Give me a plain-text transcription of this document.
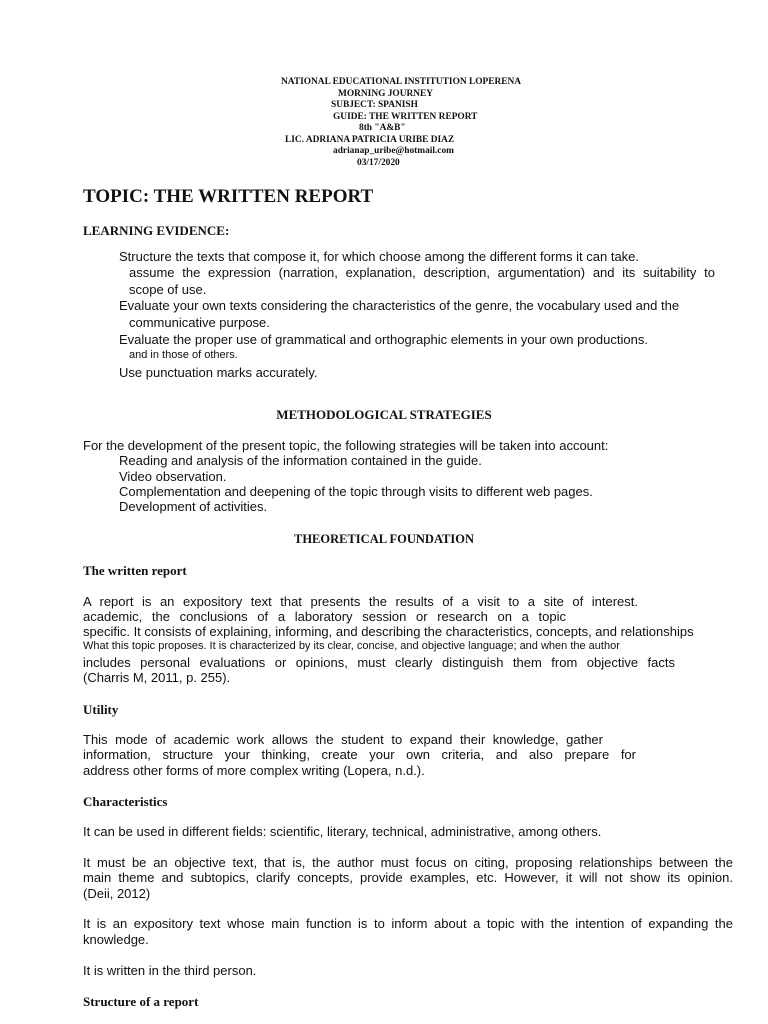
NATIONAL EDUCATIONAL INSTITUTION LOPERENA
MORNING JOURNEY
SUBJECT: SPANISH
GUIDE: THE WRITTEN REPORT
8th "A&B"
LIC. ADRIANA PATRICIA URIBE DIAZ
adrianap_uribe@hotmail.com
03/17/2020
TOPIC: THE WRITTEN REPORT
LEARNING EVIDENCE:

Structure the texts that compose it, for which choose among the different forms it can take.

assume the expression (narration, explanation, description, argumentation) and its suitability to

scope of use.

Evaluate your own texts considering the characteristics of the genre, the vocabulary used and the

communicative purpose.

Evaluate the proper use of grammatical and orthographic elements in your own productions.

and in those of others.

Use punctuation marks accurately.

METHODOLOGICAL STRATEGIES

For the development of the present topic, the following strategies will be taken into account:

Reading and analysis of the information contained in the guide.

Video observation.

Complementation and deepening of the topic through visits to different web pages.

Development of activities.

THEORETICAL FOUNDATION
The written report

A report is an expository text that presents the results of a visit to a site of interest.

academic, the conclusions of a laboratory session or research on a topic

specific. It consists of explaining, informing, and describing the characteristics, concepts, and relationships

What this topic proposes. It is characterized by its clear, concise, and objective language; and when the author

includes personal evaluations or opinions, must clearly distinguish them from objective facts

(Charris M, 2011, p. 255).

Utility

This mode of academic work allows the student to expand their knowledge, gather

information, structure your thinking, create your own criteria, and also prepare for

address other forms of more complex writing (Lopera, n.d.).

Characteristics

It can be used in different fields: scientific, literary, technical, administrative, among others.

It must be an objective text, that is, the author must focus on citing, proposing relationships between the

main theme and subtopics, clarify concepts, provide examples, etc. However, it will not show its opinion.

(Deii, 2012)

It is an expository text whose main function is to inform about a topic with the intention of expanding the

knowledge.

It is written in the third person.

Structure of a report
